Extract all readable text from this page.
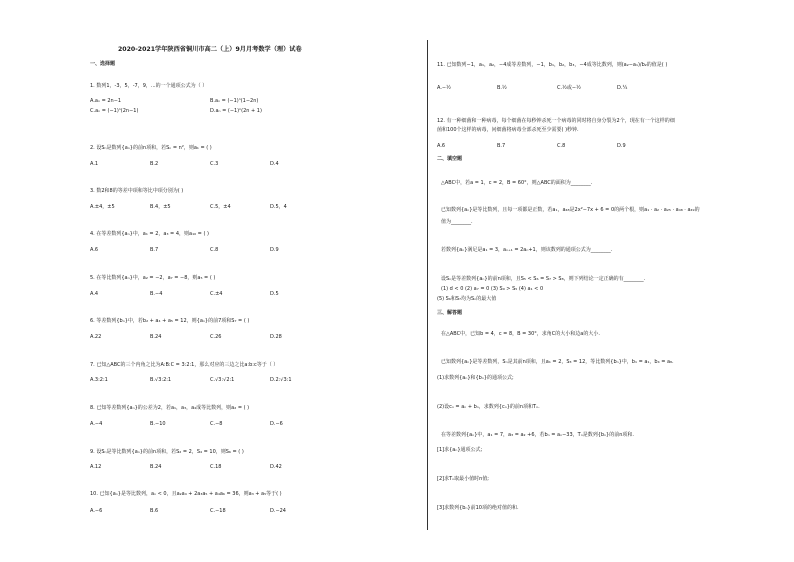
2020-2021学年陕西省铜川市高二（上）9月月考数学（理）试卷
一、选择题
1. 数列1，-3，5，-7，9，...的一个通项公式为（ ）
A.aₙ = 2n−1	B.aₙ = (−1)ⁿ(1−2n)
C.aₙ = (−1)ⁿ(2n−1)	D.aₙ = (−1)ⁿ(2n + 1)
2. 设Sₙ是数列{aₙ}的前n项和，若Sₙ = n²，则a₁ = ( )
A.1	B.2	C.3	D.4
3. 数2和8的等差中项和等比中项分别为( )
A.±4，±5	B.4，±5	C.5，±4	D.5，4
4. 在等差数列{aₙ}中，a₁ = 2，a₃ = 4，则a₁₀ = ( )
A.6	B.7	C.8	D.9
5. 在等比数列{aₙ}中，a₂ = −2，a₇ = −8，则a₅ = ( )
A.4	B.−4	C.±4	D.5
6. 等差数列{bₙ}中，若b₂ + a₄ + a₅ = 12，则{aₙ}的前7项和S₇ = ( )
A.22	B.24	C.26	D.28
7. 已知△ABC的三个内角之比为A:B:C = 3:2:1，那么对应的三边之比a:b:c等于（ ）
A.3:2:1	B.√3:2:1	C.√3:√2:1	D.2:√3:1
8. 已知等差数列{aₙ}的公差为2，若a₁，a₃，a₄成等比数列，则a₂ = ( )
A.−4	B.−10	C.−8	D.−6
9. 设Sₙ是等比数列{aₙ}的前n项和，若S₂ = 2，S₄ = 10，则S₆ = ( )
A.12	B.24	C.18	D.42
10. 已知{aₙ}是等比数列，aₙ < 0，且a₂a₄ + 2a₃a₅ + a₄a₆ = 36，则a₃ + a₅等于( )
A.−6	B.6	C.−18	D.−24
11. 已知数列−1，a₁，a₂，−4成等差数列，−1，b₁，b₂，b₃，−4成等比数列，则(a₂−a₁)/b₂的值是( )
A.−½	B.½	C.½或−½	D.¼
12. 有一种细菌和一种病毒，每个细菌在每秒钟杀死一个病毒的同时将自身分裂为2个，现在有一个这样的细
菌和100个这样的病毒，问细菌将病毒全部杀死至少需要( )秒钟.
A.6	B.7	C.8	D.9
二、填空题
△ABC中，若a = 1，c = 2，B = 60°，则△ABC的面积为________.
已知数列{aₙ}是等比数列，且每一项都是正数，若a₁，a₄₈是2x²−7x + 6 = 0的两个根，则a₁ · a₂ · a₂₅ · a₄₈ · a₄₉的
值为________.
若数列{aₙ}满足是a₁ = 3，aₙ₊₁ = 2aₙ+1，则该数列的通项公式为________.
设Sₙ是等差数列{aₙ}的前n项和，且S₅ < S₆ = S₇ > S₈，则下列结论一定正确的有________.
(1) d < 0 (2) a₇ = 0 (3) S₉ > S₅ (4) a₁ < 0
(5) S₆和S₇均为Sₙ的最大值
三、解答题
在△ABC中，已知b = 4，c = 8，B = 30°，求角C的大小和边a的大小.
已知数列{aₙ}是等差数列，Sₙ是其前n项和，且a₁ = 2，S₃ = 12，等比数列{bₙ}中，b₁ = a₁，b₄ = a₈.
(1)求数列{aₙ}和{bₙ}的通项公式;
(2)设cₙ = aₙ + bₙ，求数列{cₙ}的前n项和Tₙ.
在等差数列{aₙ}中，a₁ = 7，a₃ = a₂ +6，若bₙ = aₙ−33，Tₙ是数列{bₙ}的前n项和.
[1]求{aₙ}通项公式;
[2]求Tₙ取最小值时n值;
[3]求数列{bₙ}前10项的绝对值的和.
